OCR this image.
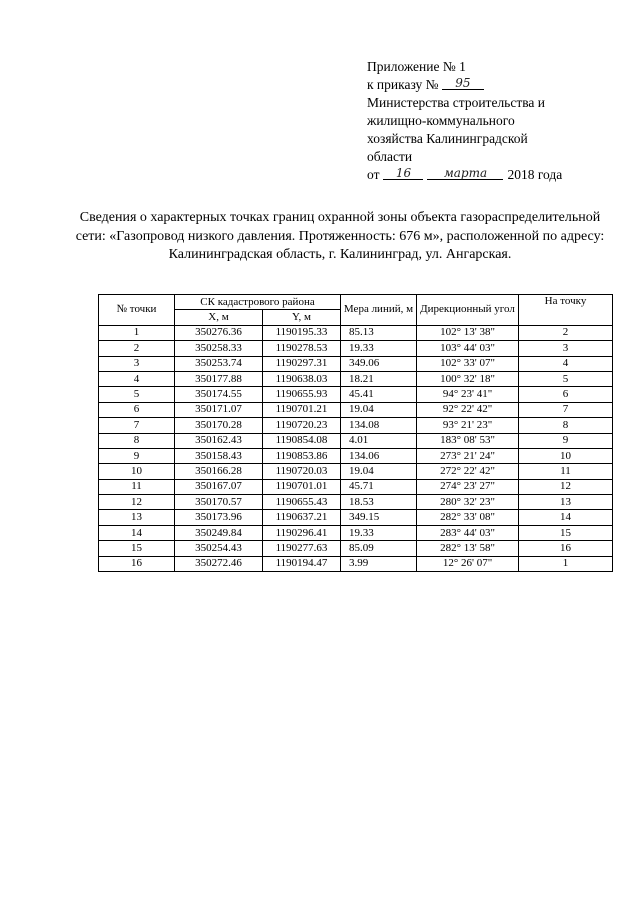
Приложение № 1
к приказу № 95
Министерства строительства и
жилищно-коммунального
хозяйства Калининградской
области
от 16	марта 2018 года
Сведения о характерных точках границ охранной зоны объекта газораспределительной сети: «Газопровод низкого давления. Протяженность: 676 м», расположенной по адресу: Калининградская область, г. Калининград, ул. Ангарская.
№ точки	СК кадастрового района		Мера линий, м	Дирекционный угол	На точку
	X, м	Y, м			
1	350276.36	1190195.33	85.13	102° 13' 38"	2
2	350258.33	1190278.53	19.33	103° 44' 03"	3
3	350253.74	1190297.31	349.06	102° 33' 07"	4
4	350177.88	1190638.03	18.21	100° 32' 18"	5
5	350174.55	1190655.93	45.41	94° 23' 41"	6
6	350171.07	1190701.21	19.04	92° 22' 42"	7
7	350170.28	1190720.23	134.08	93° 21' 23"	8
8	350162.43	1190854.08	4.01	183° 08' 53"	9
9	350158.43	1190853.86	134.06	273° 21' 24"	10
10	350166.28	1190720.03	19.04	272° 22' 42"	11
11	350167.07	1190701.01	45.71	274° 23' 27"	12
12	350170.57	1190655.43	18.53	280° 32' 23"	13
13	350173.96	1190637.21	349.15	282° 33' 08"	14
14	350249.84	1190296.41	19.33	283° 44' 03"	15
15	350254.43	1190277.63	85.09	282° 13' 58"	16
16	350272.46	1190194.47	3.99	12° 26' 07"	1
